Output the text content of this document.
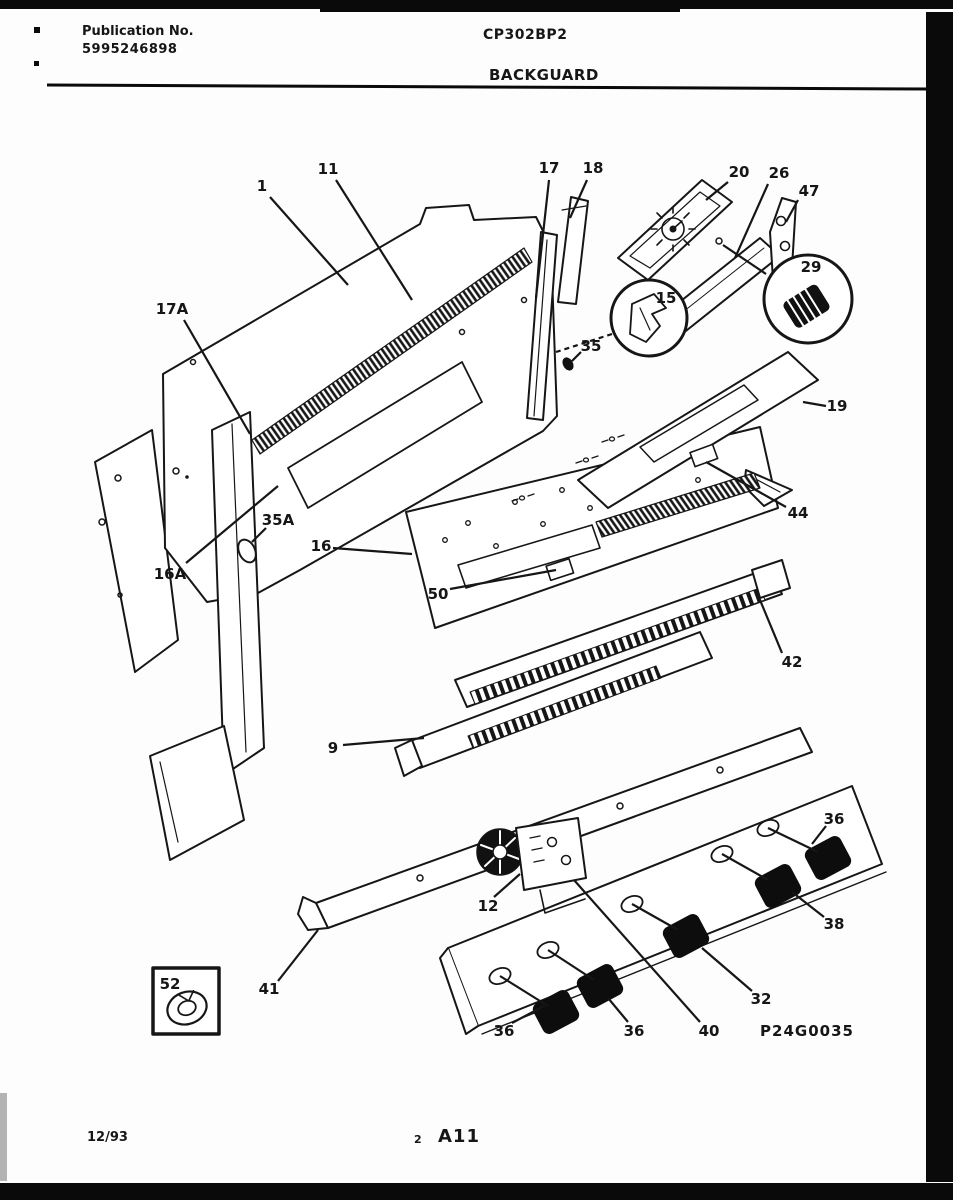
Publication No.
5995246898
CP302BP2
BACKGUARD
1
11	17 18	20 26
47
29
15
35
17A
19
35A
16
44
16A
50
42
9
36
38
12
32
41
52
36	36	40	P24G0035
12/93	2 A11
